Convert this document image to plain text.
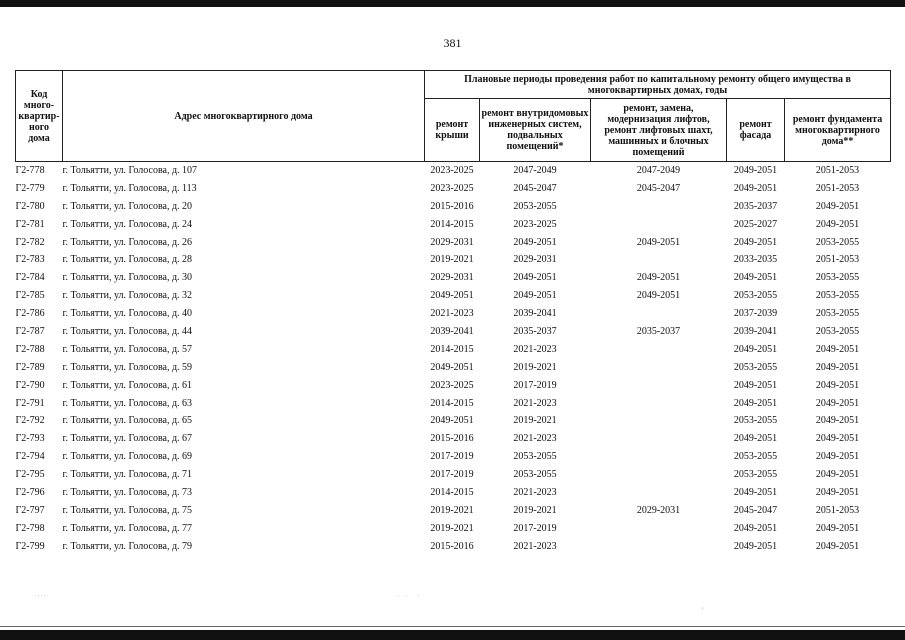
381
Код много-квартир-ного дома	Адрес многоквартирного дома	Плановые периоды проведения работ по капитальному ремонту общего имущества в многоквартирных домах, годы				
		ремонт крыши	ремонт внутридомовых инженерных систем, подвальных помещений*	ремонт, замена, модернизация лифтов, ремонт лифтовых шахт, машинных и блочных помещений	ремонт фасада	ремонт фундамента многоквартирного дома**
Г2-778	г. Тольятти, ул. Голосова, д. 107	2023-2025	2047-2049	2047-2049	2049-2051	2051-2053
Г2-779	г. Тольятти, ул. Голосова, д. 113	2023-2025	2045-2047	2045-2047	2049-2051	2051-2053
Г2-780	г. Тольятти, ул. Голосова, д. 20	2015-2016	2053-2055		2035-2037	2049-2051
Г2-781	г. Тольятти, ул. Голосова, д. 24	2014-2015	2023-2025		2025-2027	2049-2051
Г2-782	г. Тольятти, ул. Голосова, д. 26	2029-2031	2049-2051	2049-2051	2049-2051	2053-2055
Г2-783	г. Тольятти, ул. Голосова, д. 28	2019-2021	2029-2031		2033-2035	2051-2053
Г2-784	г. Тольятти, ул. Голосова, д. 30	2029-2031	2049-2051	2049-2051	2049-2051	2053-2055
Г2-785	г. Тольятти, ул. Голосова, д. 32	2049-2051	2049-2051	2049-2051	2053-2055	2053-2055
Г2-786	г. Тольятти, ул. Голосова, д. 40	2021-2023	2039-2041		2037-2039	2053-2055
Г2-787	г. Тольятти, ул. Голосова, д. 44	2039-2041	2035-2037	2035-2037	2039-2041	2053-2055
Г2-788	г. Тольятти, ул. Голосова, д. 57	2014-2015	2021-2023		2049-2051	2049-2051
Г2-789	г. Тольятти, ул. Голосова, д. 59	2049-2051	2019-2021		2053-2055	2049-2051
Г2-790	г. Тольятти, ул. Голосова, д. 61	2023-2025	2017-2019		2049-2051	2049-2051
Г2-791	г. Тольятти, ул. Голосова, д. 63	2014-2015	2021-2023		2049-2051	2049-2051
Г2-792	г. Тольятти, ул. Голосова, д. 65	2049-2051	2019-2021		2053-2055	2049-2051
Г2-793	г. Тольятти, ул. Голосова, д. 67	2015-2016	2021-2023		2049-2051	2049-2051
Г2-794	г. Тольятти, ул. Голосова, д. 69	2017-2019	2053-2055		2053-2055	2049-2051
Г2-795	г. Тольятти, ул. Голосова, д. 71	2017-2019	2053-2055		2053-2055	2049-2051
Г2-796	г. Тольятти, ул. Голосова, д. 73	2014-2015	2021-2023		2049-2051	2049-2051
Г2-797	г. Тольятти, ул. Голосова, д. 75	2019-2021	2019-2021	2029-2031	2045-2047	2051-2053
Г2-798	г. Тольятти, ул. Голосова, д. 77	2019-2021	2017-2019		2049-2051	2049-2051
Г2-799	г. Тольятти, ул. Голосова, д. 79	2015-2016	2021-2023		2049-2051	2049-2051
. . . .	.    .       .
,
